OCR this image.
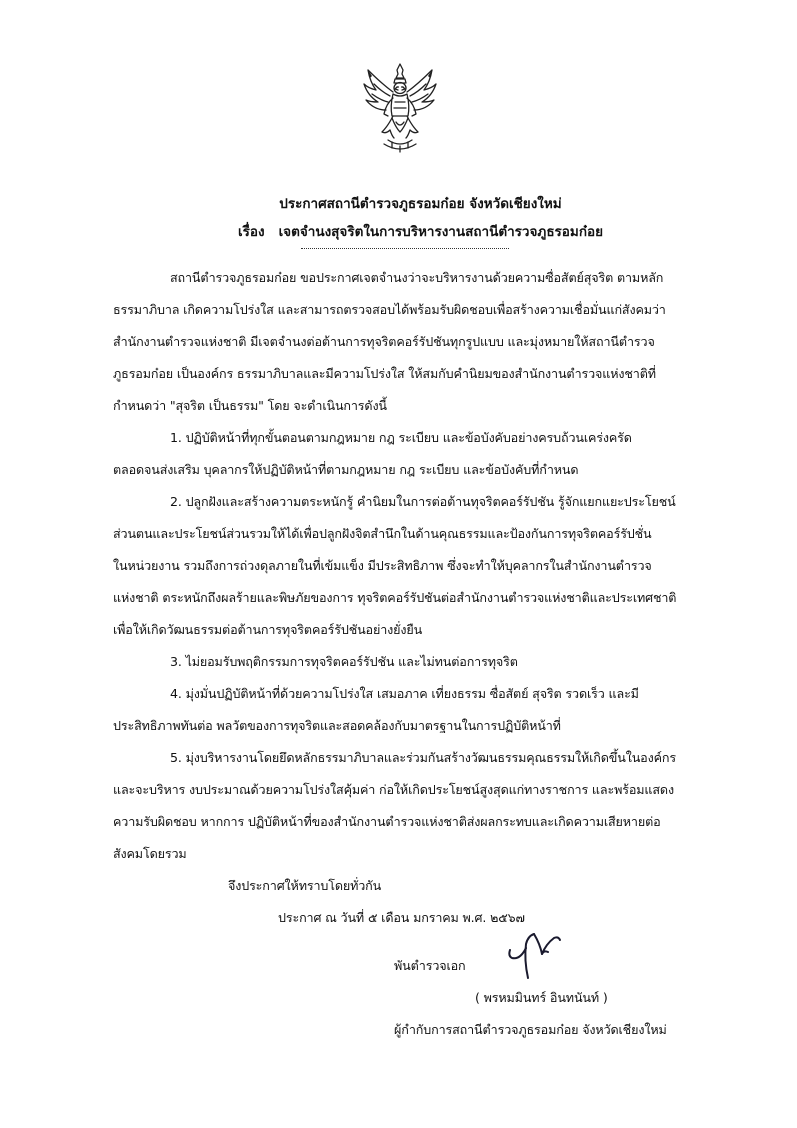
ประกาศสถานีตำรวจภูธรอมก๋อย จังหวัดเชียงใหม่
เรื่อง เจตจำนงสุจริตในการบริหารงานสถานีตำรวจภูธรอมก๋อย
สถานีตำรวจภูธรอมก๋อย ขอประกาศเจตจำนงว่าจะบริหารงานด้วยความซื่อสัตย์สุจริต ตามหลัก
ธรรมาภิบาล เกิดความโปร่งใส และสามารถตรวจสอบได้พร้อมรับผิดชอบเพื่อสร้างความเชื่อมั่นแก่สังคมว่า
สำนักงานตำรวจแห่งชาติ มีเจตจำนงต่อต้านการทุจริตคอร์รัปชันทุกรูปแบบ และมุ่งหมายให้สถานีตำรวจ
ภูธรอมก๋อย เป็นองค์กร ธรรมาภิบาลและมีความโปร่งใส ให้สมกับคำนิยมของสำนักงานตำรวจแห่งชาติที่
กำหนดว่า "สุจริต เป็นธรรม" โดย จะดำเนินการดังนี้
1. ปฏิบัติหน้าที่ทุกขั้นตอนตามกฎหมาย กฎ ระเบียบ และข้อบังคับอย่างครบถ้วนเคร่งครัด
ตลอดจนส่งเสริม บุคลากรให้ปฏิบัติหน้าที่ตามกฎหมาย กฎ ระเบียบ และข้อบังคับที่กำหนด
2. ปลูกฝังและสร้างความตระหนักรู้ คำนิยมในการต่อต้านทุจริตคอร์รัปชัน รู้จักแยกแยะประโยชน์
ส่วนตนและประโยชน์ส่วนรวมให้ได้เพื่อปลูกฝังจิตสำนึกในด้านคุณธรรมและป้องกันการทุจริตคอร์รัปชั่น
ในหน่วยงาน รวมถึงการถ่วงดุลภายในที่เข้มแข็ง มีประสิทธิภาพ ซึ่งจะทำให้บุคลากรในสำนักงานตำรวจ
แห่งชาติ ตระหนักถึงผลร้ายและพิษภัยของการ ทุจริตคอร์รัปชันต่อสำนักงานตำรวจแห่งชาติและประเทศชาติ
เพื่อให้เกิดวัฒนธรรมต่อต้านการทุจริตคอร์รัปชันอย่างยั่งยืน
3. ไม่ยอมรับพฤติกรรมการทุจริตคอร์รัปชัน และไม่ทนต่อการทุจริต
4. มุ่งมั่นปฏิบัติหน้าที่ด้วยความโปร่งใส เสมอภาค เที่ยงธรรม ซื่อสัตย์ สุจริต รวดเร็ว และมี
ประสิทธิภาพทันต่อ พลวัตของการทุจริตและสอดคล้องกับมาตรฐานในการปฏิบัติหน้าที่
5. มุ่งบริหารงานโดยยึดหลักธรรมาภิบาลและร่วมกันสร้างวัฒนธรรมคุณธรรมให้เกิดขึ้นในองค์กร
และจะบริหาร งบประมาณด้วยความโปร่งใสคุ้มค่า ก่อให้เกิดประโยชน์สูงสุดแก่ทางราชการ และพร้อมแสดง
ความรับผิดชอบ หากการ ปฏิบัติหน้าที่ของสำนักงานตำรวจแห่งชาติส่งผลกระทบและเกิดความเสียหายต่อ
สังคมโดยรวม
จึงประกาศให้ทราบโดยทั่วกัน
ประกาศ ณ วันที่ ๕ เดือน มกราคม พ.ศ. ๒๕๖๗
พันตำรวจเอก
( พรหมมินทร์ อินทนันท์ )
ผู้กำกับการสถานีตำรวจภูธรอมก๋อย จังหวัดเชียงใหม่
